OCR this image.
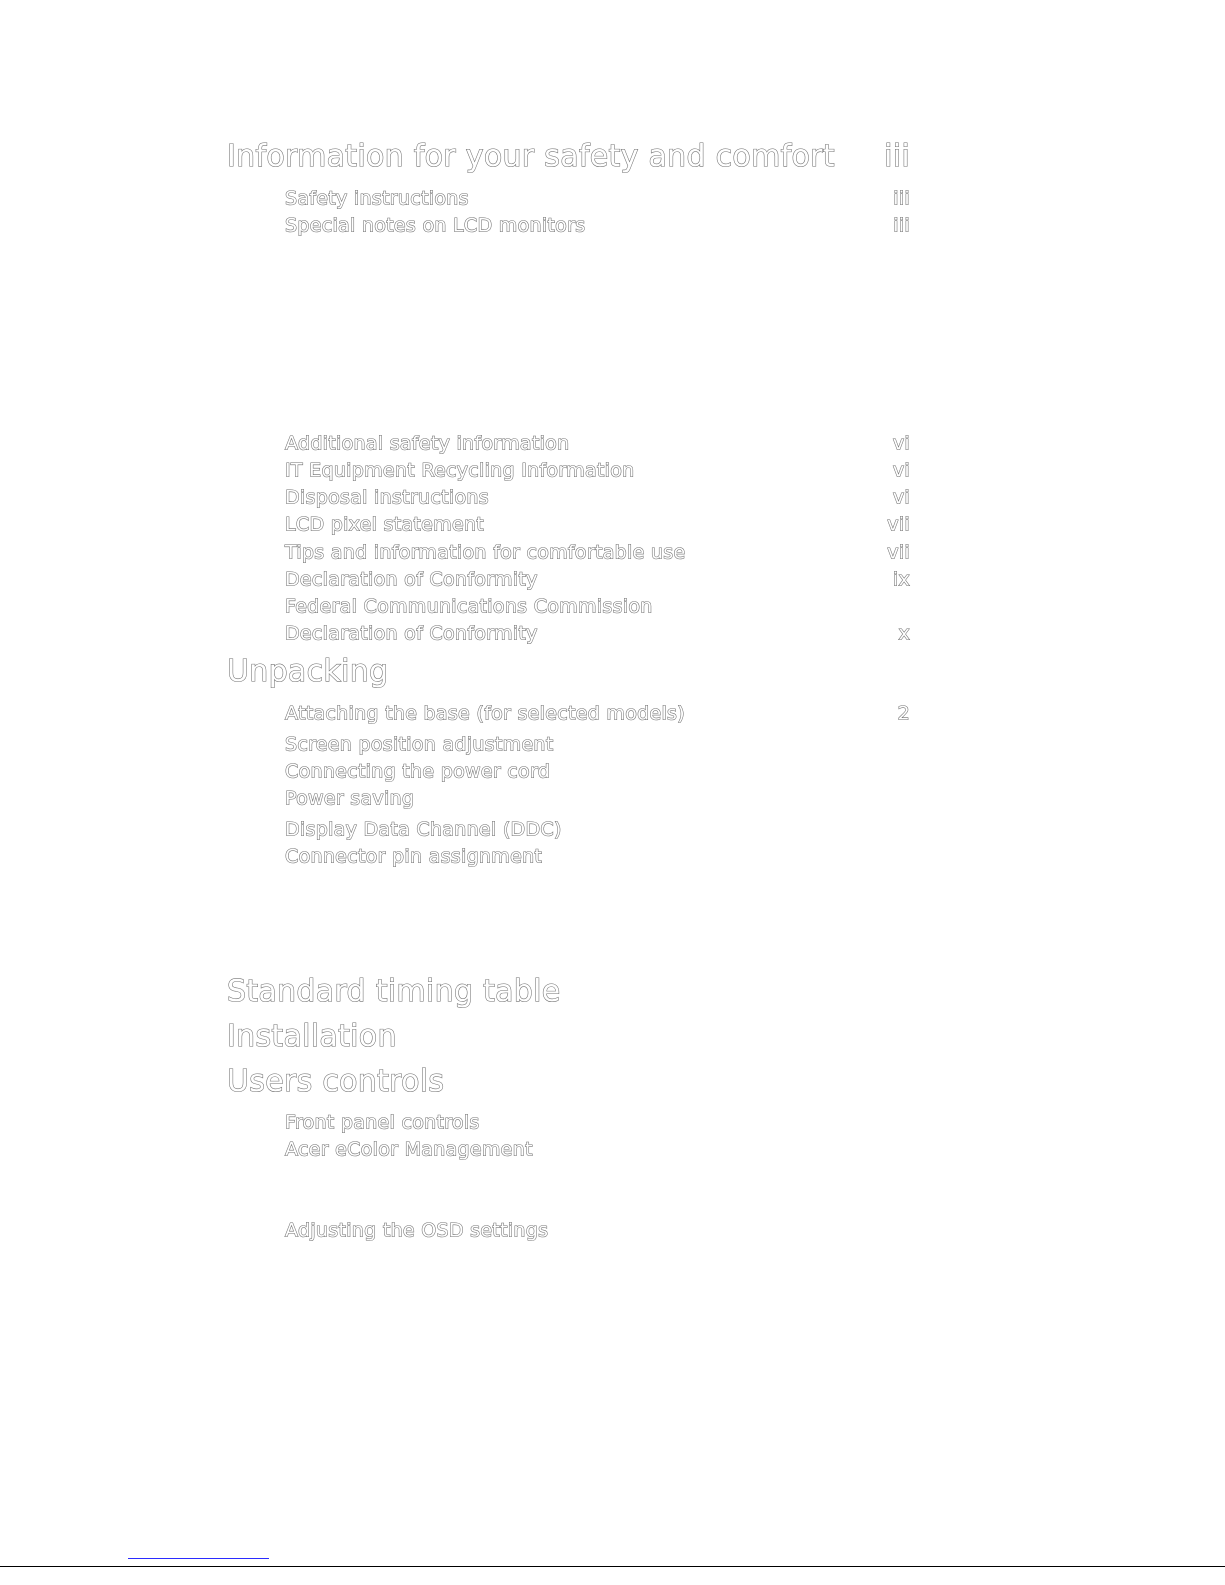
Information for your safety and comfort iii
Safety instructions	iii
Special notes on LCD monitors	iii
Additional safety information	vi
IT Equipment Recycling Information	vi
Disposal instructions	vi
LCD pixel statement	vii
Tips and information for comfortable use	vii
Declaration of Conformity	ix
Federal Communications Commission
Declaration of Conformity	x
Unpacking
Attaching the base (for selected models)	2
Screen position adjustment
Connecting the power cord
Power saving
Display Data Channel (DDC)
Connector pin assignment
Standard timing table
Installation
Users controls
Front panel controls
Acer eColor Management
Adjusting the OSD settings
